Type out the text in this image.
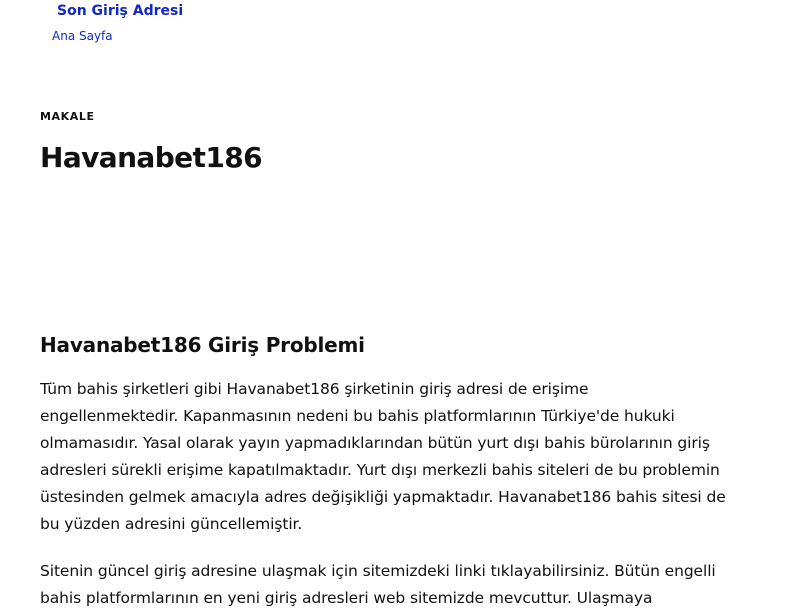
Son Giriş Adresi
Ana Sayfa
MAKALE
Havanabet186
Havanabet186 Giriş Problemi

Tüm bahis şirketleri gibi Havanabet186 şirketinin giriş adresi de erişime engellenmektedir. Kapanmasının nedeni bu bahis platformlarının Türkiye'de hukuki olmamasıdır. Yasal olarak yayın yapmadıklarından bütün yurt dışı bahis bürolarının giriş adresleri sürekli erişime kapatılmaktadır. Yurt dışı merkezli bahis siteleri de bu problemin üstesinden gelmek amacıyla adres değişikliği yapmaktadır. Havanabet186 bahis sitesi de bu yüzden adresini güncellemiştir.

Sitenin güncel giriş adresine ulaşmak için sitemizdeki linki tıklayabilirsiniz. Bütün engelli bahis platformlarının en yeni giriş adresleri web sitemizde mevcuttur. Ulaşmaya
